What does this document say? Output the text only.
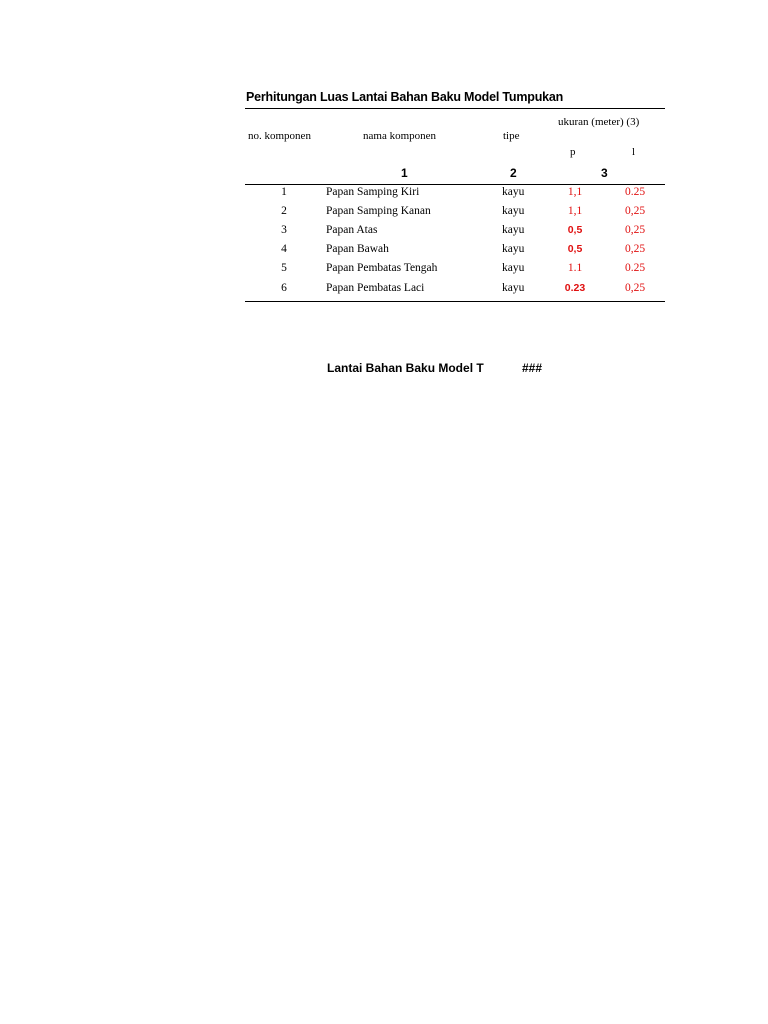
Perhitungan Luas Lantai Bahan Baku Model Tumpukan
no. komponen	nama komponen	tipe
ukuran (meter) (3)
p	l
1	2	3
1	Papan Samping Kiri	kayu	1,1	0.25
2	Papan Samping Kanan	kayu	1,1	0,25
3	Papan Atas	kayu	0,5	0,25
4	Papan Bawah	kayu	0,5	0,25
5	Papan Pembatas Tengah	kayu	1.1	0.25
6	Papan Pembatas Laci	kayu	0.23	0,25
Lantai Bahan Baku Model T	###
